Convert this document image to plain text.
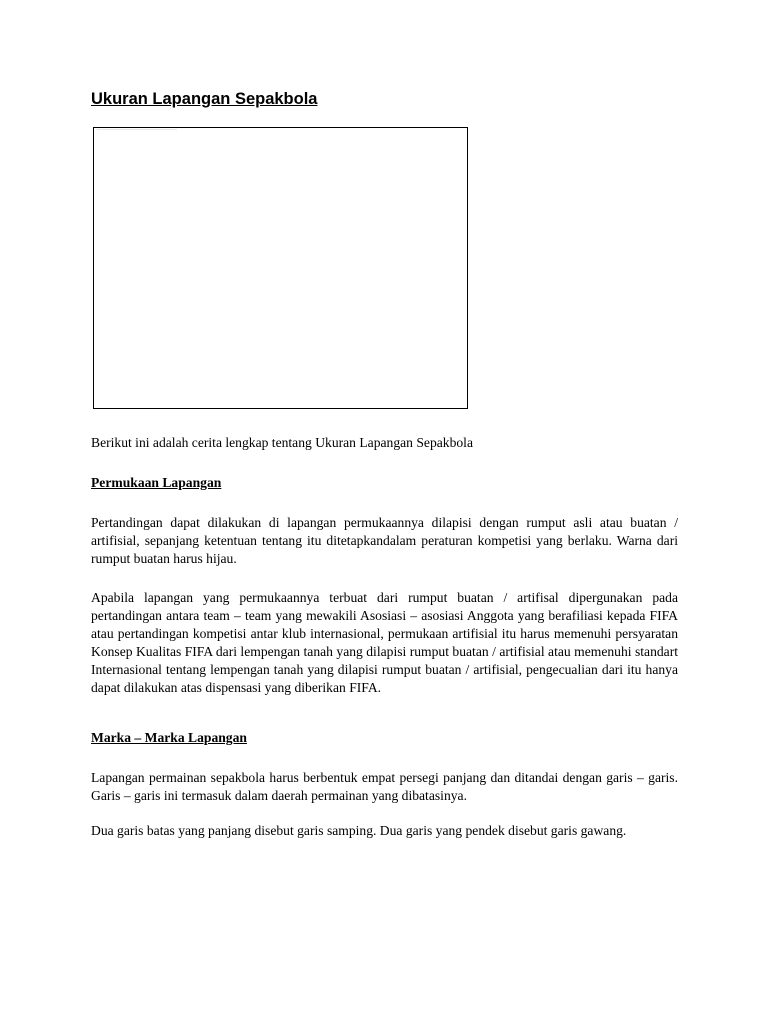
Ukuran Lapangan Sepakbola
————————————————————————————————————————

Berikut ini adalah cerita lengkap tentang Ukuran Lapangan Sepakbola

Permukaan Lapangan

Pertandingan dapat dilakukan di lapangan permukaannya dilapisi dengan rumput asli atau buatan / artifisial, sepanjang ketentuan tentang itu ditetapkandalam peraturan kompetisi yang berlaku. Warna dari rumput buatan harus hijau.

Apabila lapangan yang permukaannya terbuat dari rumput buatan / artifisal dipergunakan pada pertandingan antara team – team yang mewakili Asosiasi – asosiasi Anggota yang berafiliasi kepada FIFA atau pertandingan kompetisi antar klub internasional, permukaan artifisial itu harus memenuhi persyaratan Konsep Kualitas FIFA dari lempengan tanah yang dilapisi rumput buatan / artifisial atau memenuhi standart Internasional tentang lempengan tanah yang dilapisi rumput buatan / artifisial, pengecualian dari itu hanya dapat dilakukan atas dispensasi yang diberikan FIFA.

Marka – Marka Lapangan

Lapangan permainan sepakbola harus berbentuk empat persegi panjang dan ditandai dengan garis – garis. Garis – garis ini termasuk dalam daerah permainan yang dibatasinya.

Dua garis batas yang panjang disebut garis samping. Dua garis yang pendek disebut garis gawang.
